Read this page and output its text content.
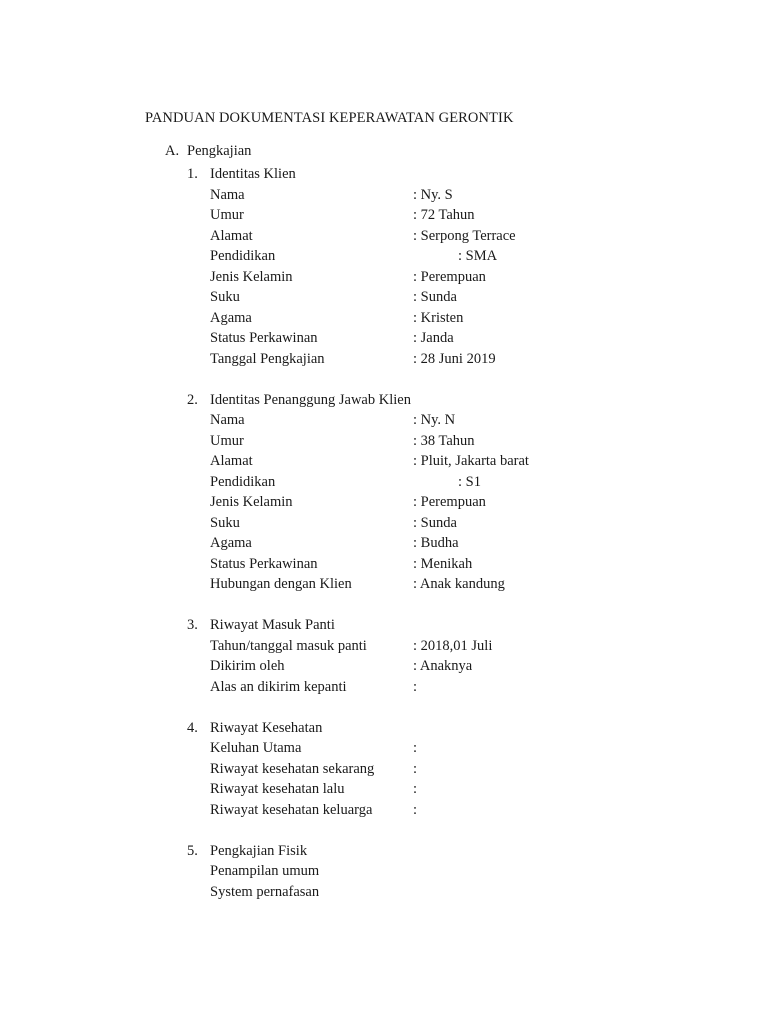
PANDUAN DOKUMENTASI KEPERAWATAN GERONTIK
A. Pengkajian
1. Identitas Klien
Nama	: Ny. S
Umur	: 72 Tahun
Alamat	: Serpong Terrace
Pendidikan	: SMA
Jenis Kelamin	: Perempuan
Suku	: Sunda
Agama	: Kristen
Status Perkawinan	: Janda
Tanggal Pengkajian	: 28 Juni 2019
2. Identitas Penanggung Jawab Klien
Nama	: Ny. N
Umur	: 38 Tahun
Alamat	: Pluit, Jakarta barat
Pendidikan	: S1
Jenis Kelamin	: Perempuan
Suku	: Sunda
Agama	: Budha
Status Perkawinan	: Menikah
Hubungan dengan Klien	: Anak kandung
3. Riwayat Masuk Panti
Tahun/tanggal masuk panti	: 2018,01 Juli
Dikirim oleh	: Anaknya
Alas an dikirim kepanti	:
4. Riwayat Kesehatan
Keluhan Utama	:
Riwayat kesehatan sekarang	:
Riwayat kesehatan lalu	:
Riwayat kesehatan keluarga	:
5. Pengkajian Fisik
Penampilan umum
System pernafasan
